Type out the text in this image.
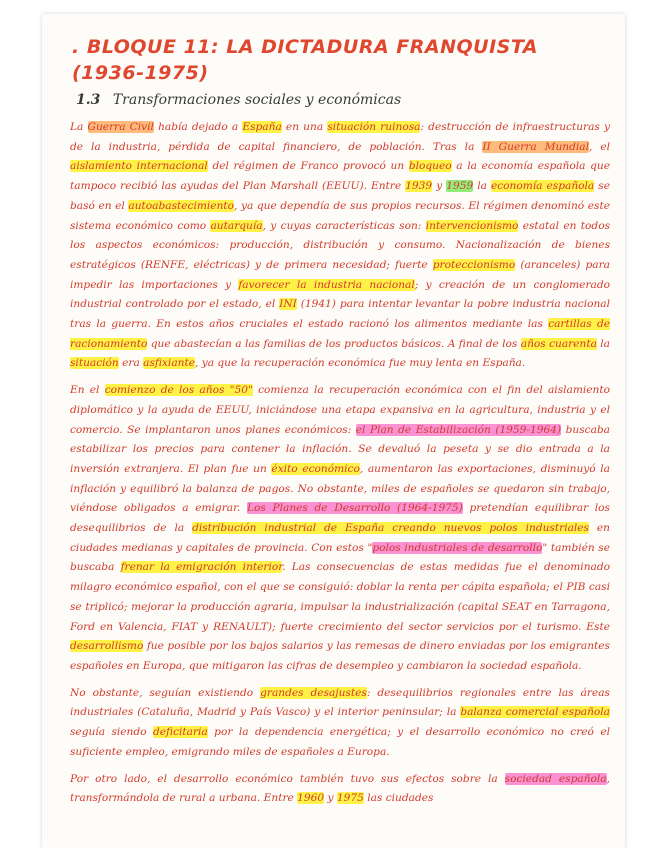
. BLOQUE 11: LA DICTADURA FRANQUISTA (1936-1975)
1.3 Transformaciones sociales y económicas

La Guerra Civil había dejado a España en una situación ruinosa: destrucción de infraestructuras y de la industria, pérdida de capital financiero, de población. Tras la II Guerra Mundial, el aislamiento internacional del régimen de Franco provocó un bloqueo a la economía española que tampoco recibió las ayudas del Plan Marshall (EEUU). Entre 1939 y 1959 la economía española se basó en el autoabastecimiento, ya que dependía de sus propios recursos. El régimen denominó este sistema económico como autarquía, y cuyas características son: intervencionismo estatal en todos los aspectos económicos: producción, distribución y consumo. Nacionalización de bienes estratégicos (RENFE, eléctricas) y de primera necesidad; fuerte proteccionismo (aranceles) para impedir las importaciones y favorecer la industria nacional; y creación de un conglomerado industrial controlado por el estado, el INI (1941) para intentar levantar la pobre industria nacional tras la guerra. En estos años cruciales el estado racionó los alimentos mediante las cartillas de racionamiento que abastecían a las familias de los productos básicos. A final de los años cuarenta la situación era asfixiante, ya que la recuperación económica fue muy lenta en España.

En el comienzo de los años "50" comienza la recuperación económica con el fin del aislamiento diplomático y la ayuda de EEUU, iniciándose una etapa expansiva en la agricultura, industria y el comercio. Se implantaron unos planes económicos: el Plan de Estabilización (1959-1964) buscaba estabilizar los precios para contener la inflación. Se devaluó la peseta y se dio entrada a la inversión extranjera. El plan fue un éxito económico, aumentaron las exportaciones, disminuyó la inflación y equilibró la balanza de pagos. No obstante, miles de españoles se quedaron sin trabajo, viéndose obligados a emigrar. Los Planes de Desarrollo (1964-1975) pretendían equilibrar los desequilibrios de la distribución industrial de España creando nuevos polos industriales en ciudades medianas y capitales de provincia. Con estos "polos industriales de desarrollo" también se buscaba frenar la emigración interior. Las consecuencias de estas medidas fue el denominado milagro económico español, con el que se consiguió: doblar la renta per cápita española; el PIB casi se triplicó; mejorar la producción agraria, impulsar la industrialización (capital SEAT en Tarragona, Ford en Valencia, FIAT y RENAULT); fuerte crecimiento del sector servicios por el turismo. Este desarrollismo fue posible por los bajos salarios y las remesas de dinero enviadas por los emigrantes españoles en Europa, que mitigaron las cifras de desempleo y cambiaron la sociedad española.

No obstante, seguían existiendo grandes desajustes: desequilibrios regionales entre las áreas industriales (Cataluña, Madrid y País Vasco) y el interior peninsular; la balanza comercial española seguía siendo deficitaria por la dependencia energética; y el desarrollo económico no creó el suficiente empleo, emigrando miles de españoles a Europa.

Por otro lado, el desarrollo económico también tuvo sus efectos sobre la sociedad española, transformándola de rural a urbana. Entre 1960 y 1975 las ciudades
